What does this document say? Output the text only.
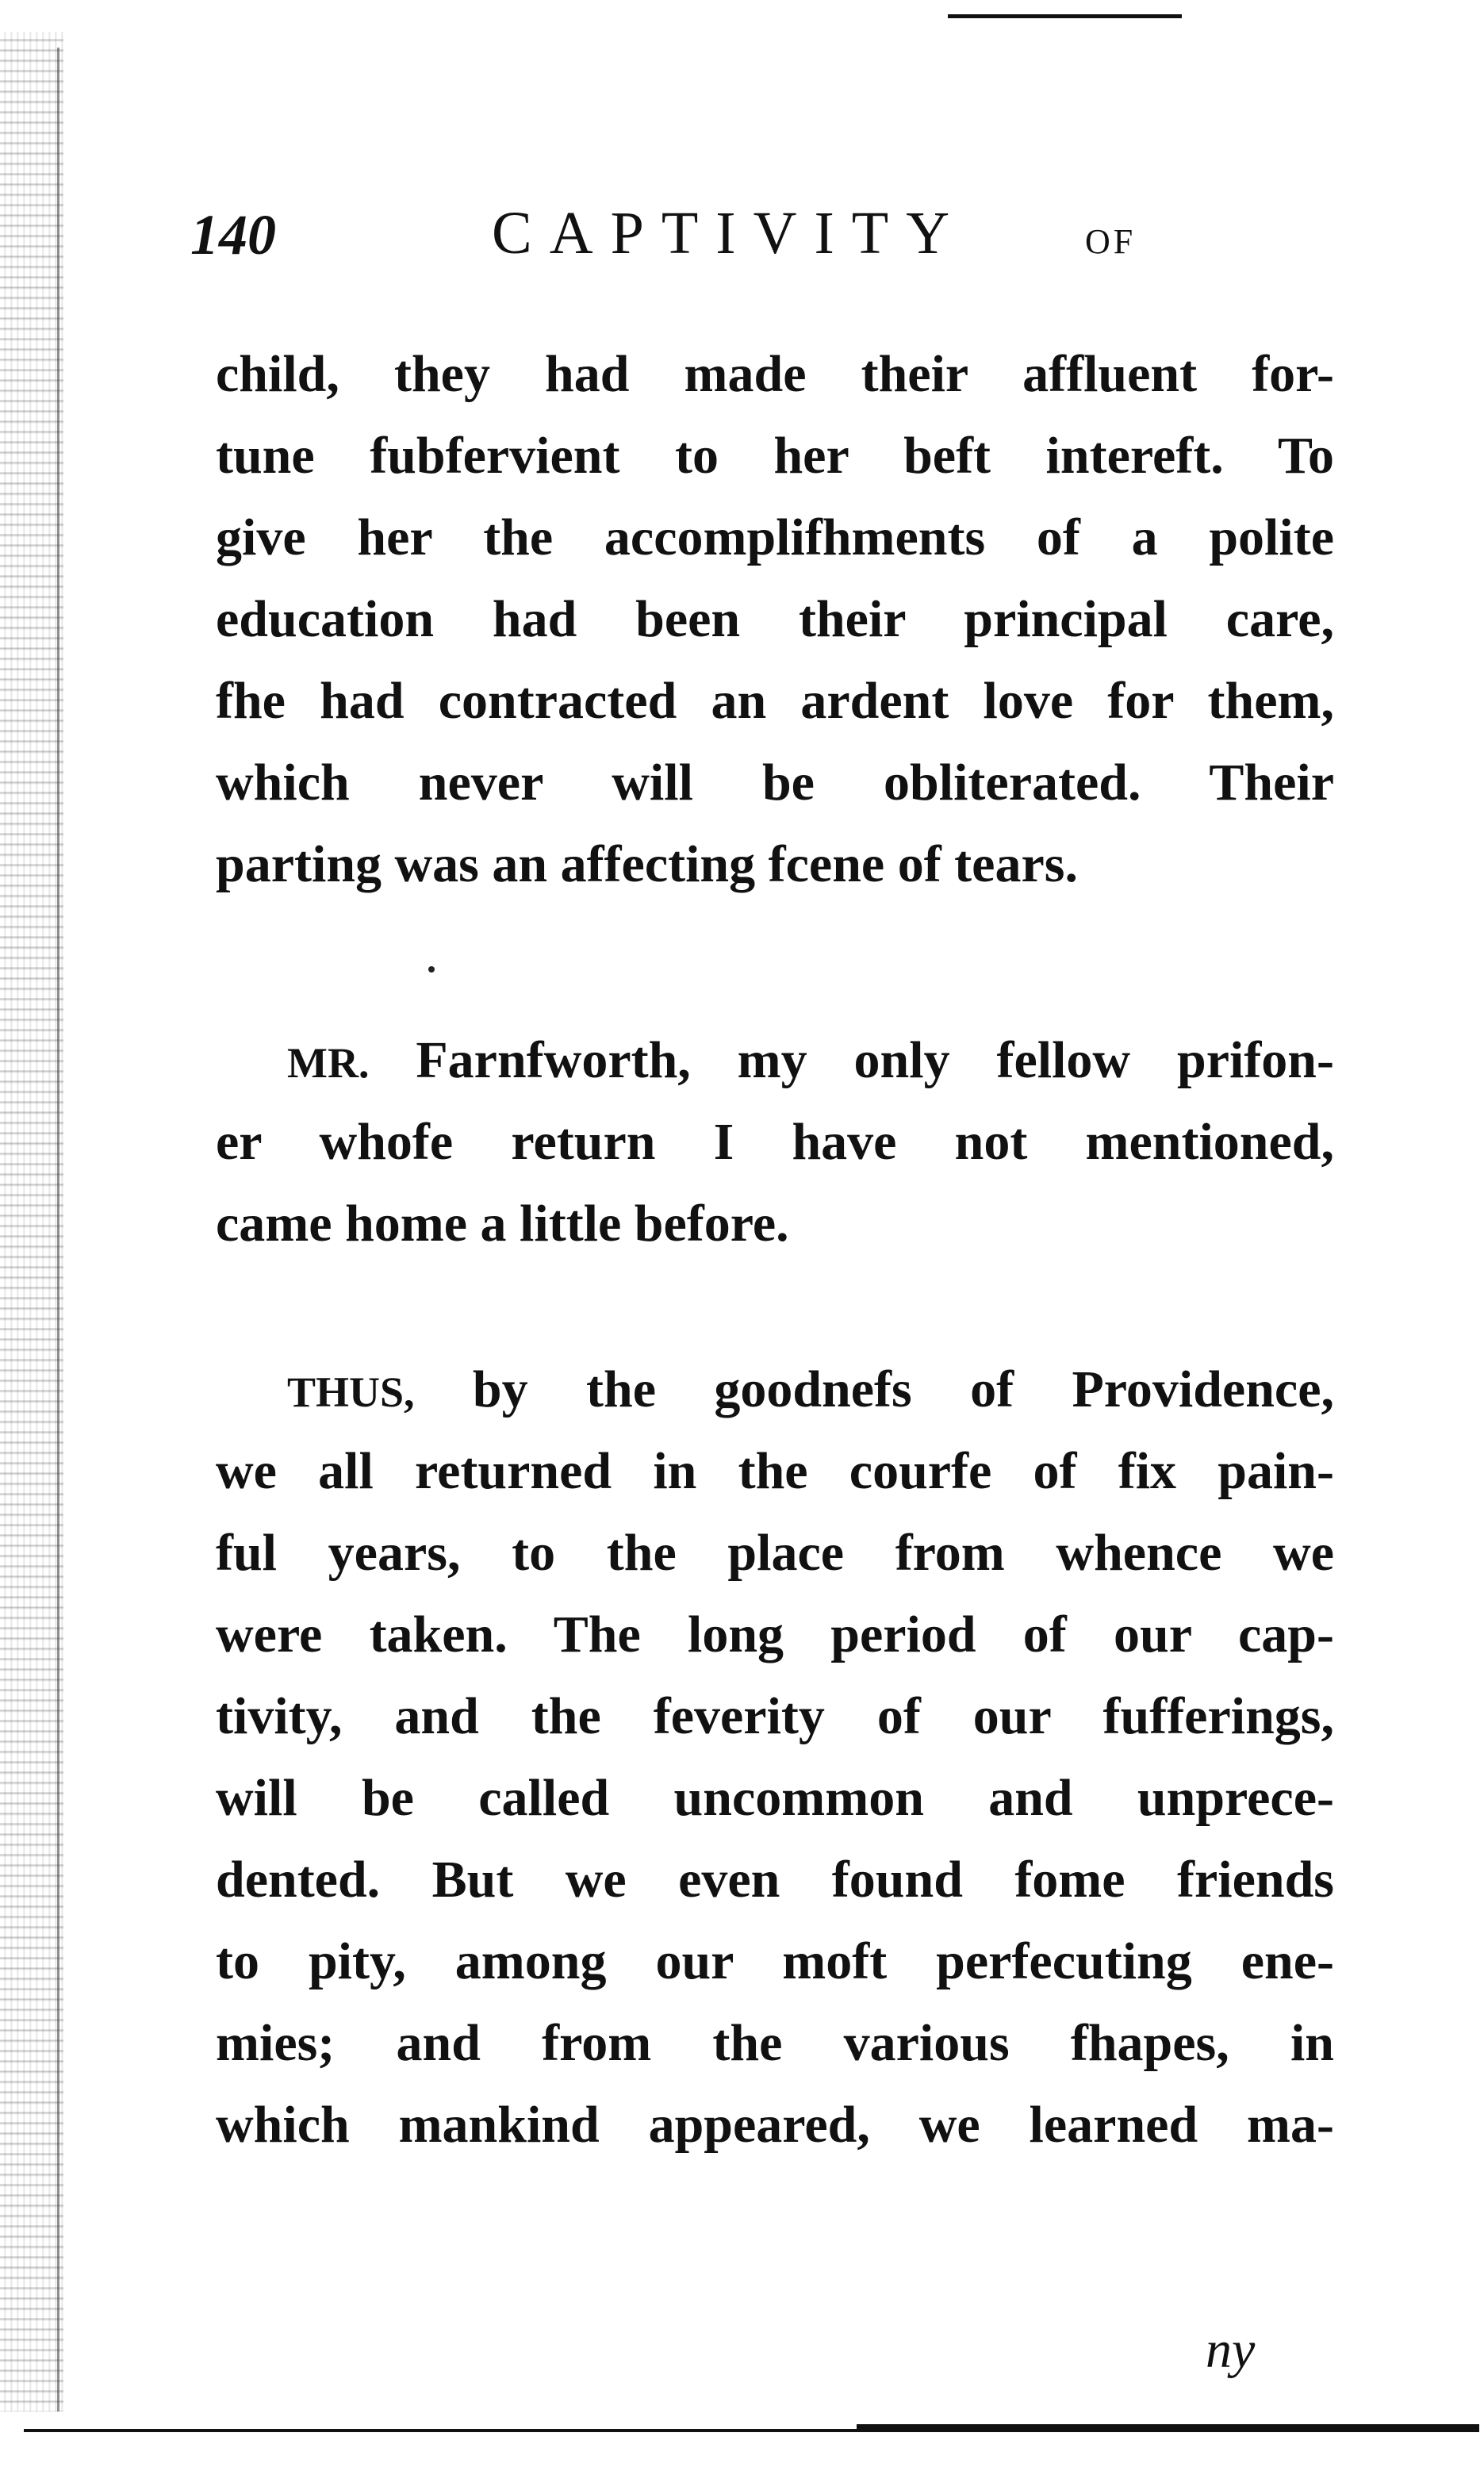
140	CAPTIVITY	OF
child, they had made their affluent for-
tune fubfervient to her beft intereft. To
give her the accomplifhments of a polite
education had been their principal care,
fhe had contracted an ardent love for them,
which never will be obliterated. Their
parting was an affecting fcene of tears.
MR. Farnfworth, my only fellow prifon-
er whofe return I have not mentioned,
came home a little before.
THUS, by the goodnefs of Providence,
we all returned in the courfe of fix pain-
ful years, to the place from whence we
were taken. The long period of our cap-
tivity, and the feverity of our fufferings,
will be called uncommon and unprece-
dented. But we even found fome friends
to pity, among our moft perfecuting ene-
mies; and from the various fhapes, in
which mankind appeared, we learned ma-
ny
